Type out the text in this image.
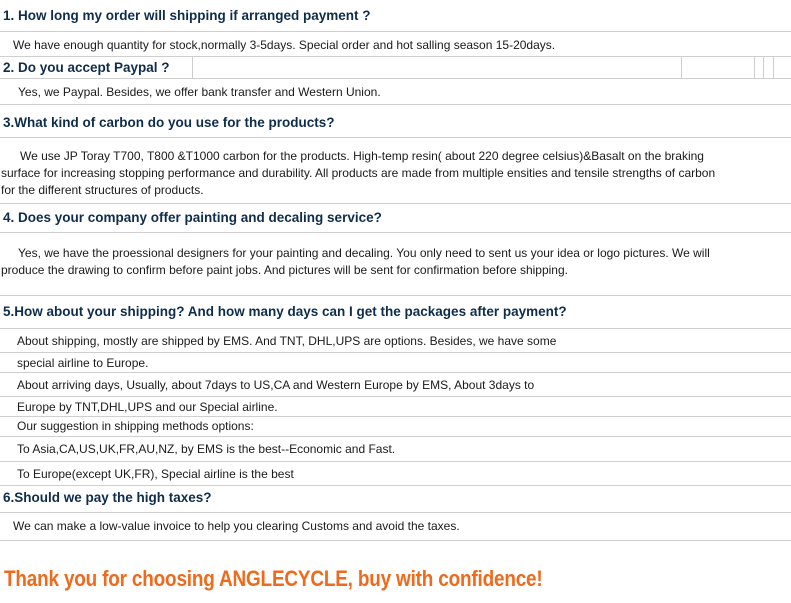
1. How long my order will shipping if arranged payment ?
We have enough quantity for stock,normally 3-5days. Special order and hot salling season 15-20days.
2. Do you accept Paypal ?
Yes, we Paypal. Besides, we offer bank transfer and Western Union.
3.What kind of carbon do you use for the products?
We use JP Toray T700, T800 &T1000 carbon for the products. High-temp resin( about 220 degree celsius)&Basalt on the braking
surface for increasing stopping performance and durability. All products are made from multiple ensities and tensile strengths of carbon
for the different structures of products.
4. Does your company offer painting and decaling service?
Yes, we have the proessional designers for your painting and decaling. You only need to sent us your idea or logo pictures. We will
produce the drawing to confirm before paint jobs. And pictures will be sent for confirmation before shipping.
5.How about your shipping? And how many days can I get the packages after payment?
About shipping, mostly are shipped by EMS. And TNT, DHL,UPS are options. Besides, we have some
special airline to Europe.
About arriving days, Usually, about 7days to US,CA and Western Europe by EMS, About 3days to
Europe by TNT,DHL,UPS and our Special airline.
Our suggestion in shipping methods options:
To Asia,CA,US,UK,FR,AU,NZ, by EMS is the best--Economic and Fast.
To Europe(except UK,FR), Special airline is the best
6.Should we pay the high taxes?
We can make a low-value invoice to help you clearing Customs and avoid the taxes.
Thank you for choosing ANGLECYCLE, buy with confidence!
